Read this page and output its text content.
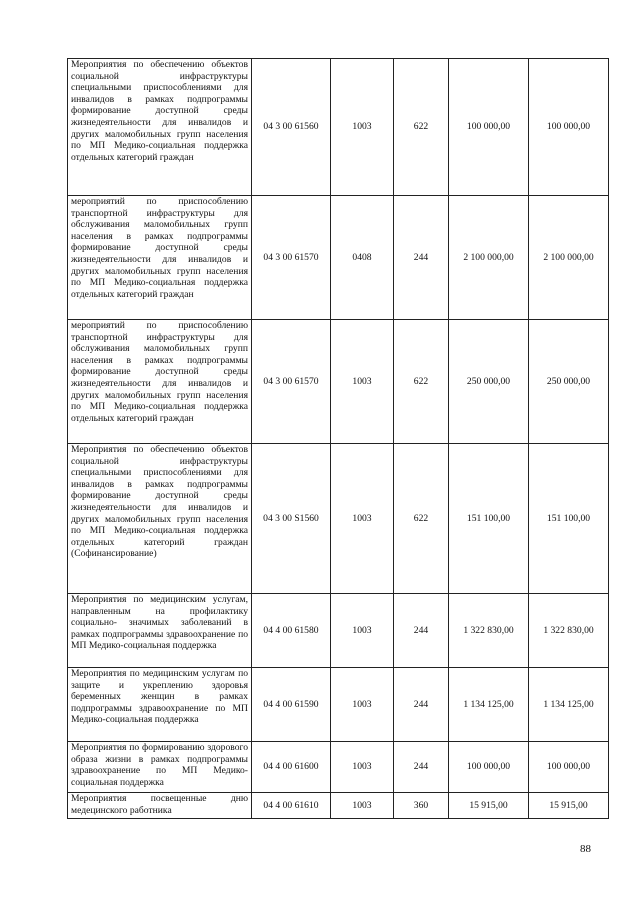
Мероприятия по обеспечению объектов социальной инфраструктуры специальными приспособлениями для инвалидов в рамках подпрограммы формирование доступной среды жизнедеятельности для инвалидов и других маломобильных групп населения по МП Медико-социальная поддержка отдельных категорий граждан	04 3 00 61560	1003	622	100 000,00	100 000,00
мероприятий по приспособлению транспортной инфраструктуры для обслуживания маломобильных групп населения в рамках подпрограммы формирование доступной среды жизнедеятельности для инвалидов и других маломобильных групп населения по МП Медико-социальная поддержка отдельных категорий граждан	04 3 00 61570	0408	244	2 100 000,00	2 100 000,00
мероприятий по приспособлению транспортной инфраструктуры для обслуживания маломобильных групп населения в рамках подпрограммы формирование доступной среды жизнедеятельности для инвалидов и других маломобильных групп населения по МП Медико-социальная поддержка отдельных категорий граждан	04 3 00 61570	1003	622	250 000,00	250 000,00
Мероприятия по обеспечению объектов социальной инфраструктуры специальными приспособлениями для инвалидов в рамках подпрограммы формирование доступной среды жизнедеятельности для инвалидов и других маломобильных групп населения по МП Медико-социальная поддержка отдельных категорий граждан (Софинансирование)	04 3 00 S1560	1003	622	151 100,00	151 100,00
Мероприятия по медицинским услугам, направленным на профилактику социально- значимых заболеваний в рамках подпрограммы здравоохранение по МП Медико-социальная поддержка	04 4 00 61580	1003	244	1 322 830,00	1 322 830,00
Мероприятия по медицинским услугам по защите и укреплению здоровья беременных женщин в рамках подпрограммы здравоохранение по МП Медико-социальная поддержка	04 4 00 61590	1003	244	1 134 125,00	1 134 125,00
Мероприятия по формированию здорового образа жизни в рамках подпрограммы здравоохранение по МП Медико-социальная поддержка	04 4 00 61600	1003	244	100 000,00	100 000,00
Мероприятия посвещенные дню медецинского работника	04 4 00 61610	1003	360	15 915,00	15 915,00
88
